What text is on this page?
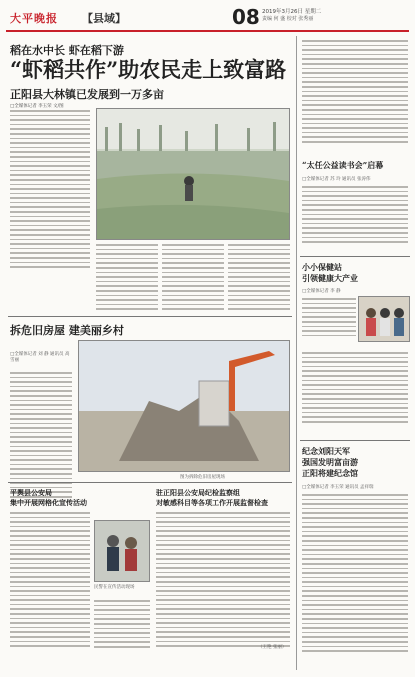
大平晚报 【县域】	08 2019年3月26日 星期二
责编 何 盛 校对 张秀丽
稻在水中长 虾在稻下游
“虾稻共作”助农民走上致富路
正阳县大林镇已发展到一万多亩
□全媒体记者 李玉荣 文/图
拆危旧房屋 建美丽乡村
□全媒体记者 刘 静 通讯员 高雪丽
图为拆除危旧房屋现场
平舆县公安局
集中开展网格化宣传活动
民警在宣传活动现场
驻正阳县公安局纪检监察组
对敏感科目等各项工作开展监督检查
（王艳 张丽）
“太任公益读书会”启幕
□全媒体记者 苏 玲 通讯员 张涛伟
小小保健站
引领健康大产业
□全媒体记者 李 静
纪念刘阳天军
强国发明富亩游
正阳将建纪念馆
□全媒体记者 李玉荣 通讯员 孟祥瑞
